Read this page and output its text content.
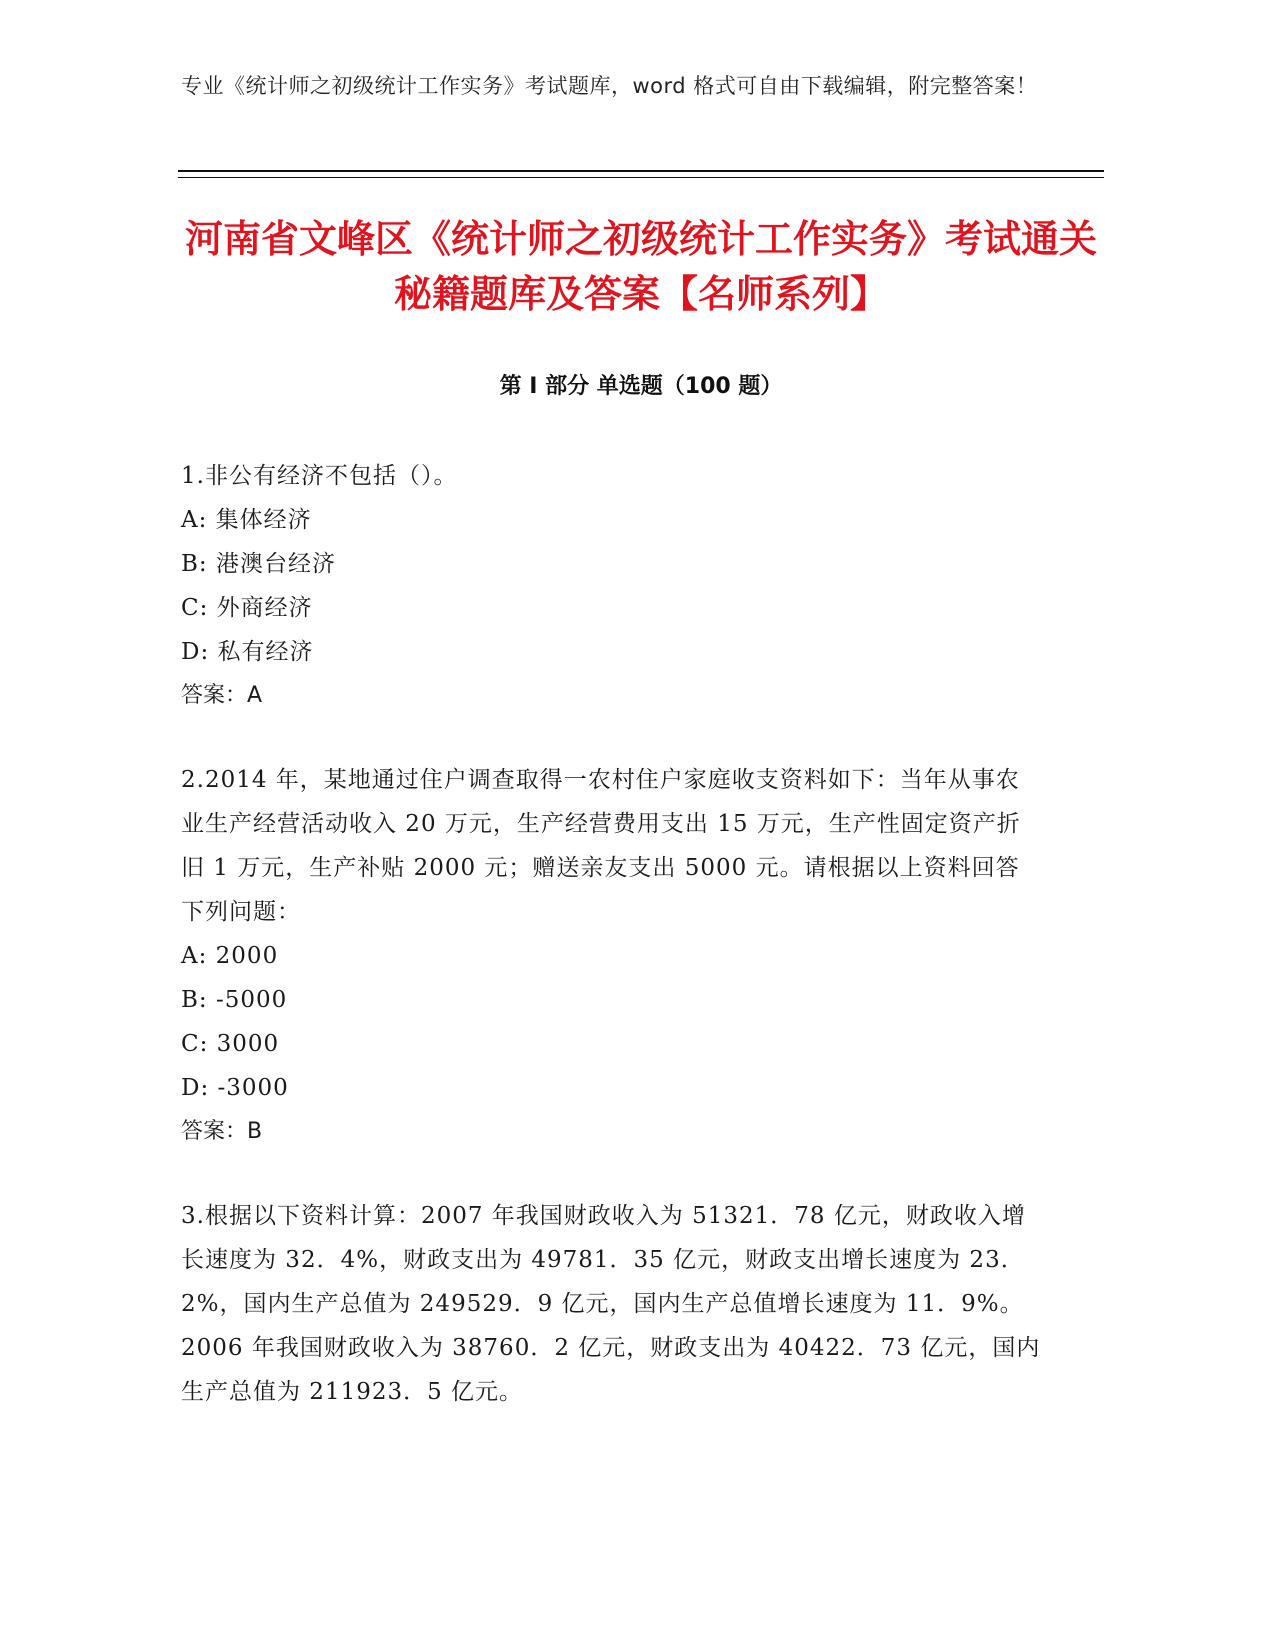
专业《统计师之初级统计工作实务》考试题库，word 格式可自由下载编辑，附完整答案！
河南省文峰区《统计师之初级统计工作实务》考试通关秘籍题库及答案【名师系列】
第 I 部分 单选题（100 题）

1.非公有经济不包括（）。

A: 集体经济

B: 港澳台经济

C: 外商经济

D: 私有经济

答案：A

2.2014 年，某地通过住户调查取得一农村住户家庭收支资料如下：当年从事农业生产经营活动收入 20 万元，生产经营费用支出 15 万元，生产性固定资产折旧 1 万元，生产补贴 2000 元；赠送亲友支出 5000 元。请根据以上资料回答下列问题：

A: 2000

B: -5000

C: 3000

D: -3000

答案：B

3.根据以下资料计算：2007 年我国财政收入为 51321．78 亿元，财政收入增长速度为 32．4%，财政支出为 49781．35 亿元，财政支出增长速度为 23．2%，国内生产总值为 249529．9 亿元，国内生产总值增长速度为 11．9%。2006 年我国财政收入为 38760．2 亿元，财政支出为 40422．73 亿元，国内生产总值为 211923．5 亿元。
